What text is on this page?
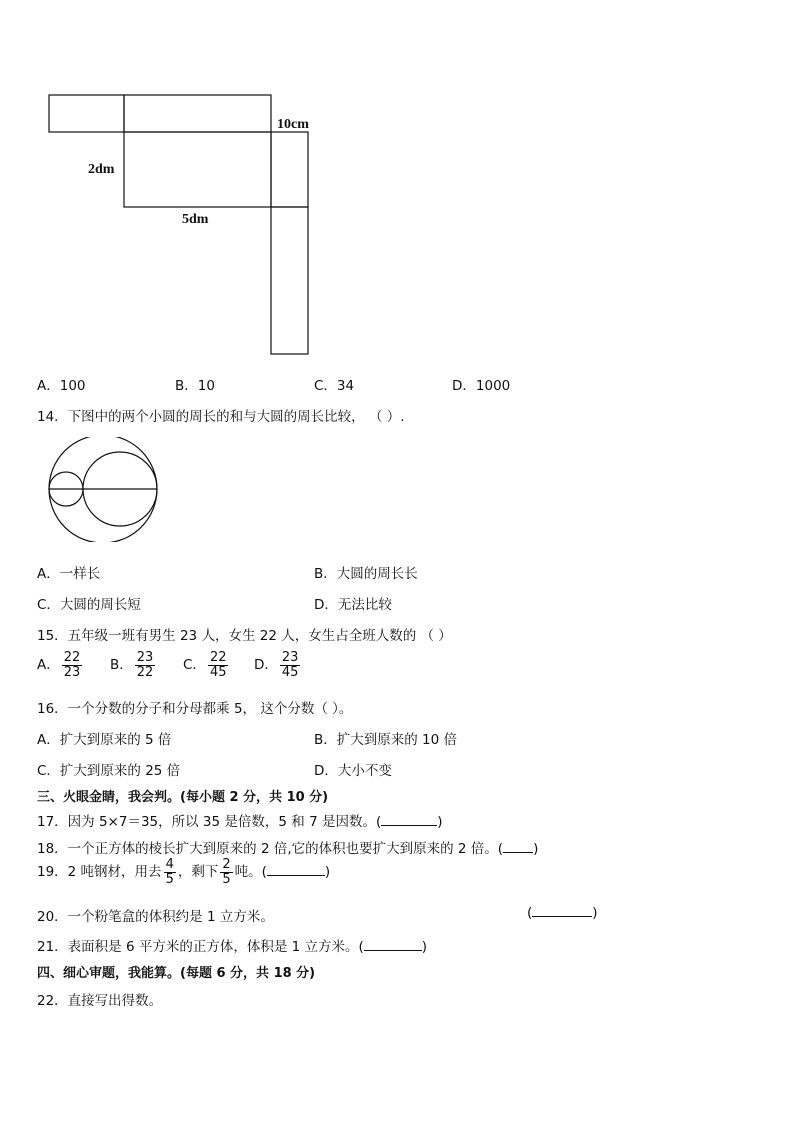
10cm
2dm
5dm
A．100	B．10	C．34	D．1000
14．下图中的两个小圆的周长的和与大圆的周长比较， （ ）.
A．一样长	B．大圆的周长长
C．大圆的周长短	D．无法比较
15．五年级一班有男生 23 人，女生 22 人，女生占全班人数的 （ ）
A． $\frac{22}{23}$ B． $\frac{23}{22}$ C． $\frac{22}{45}$ D． $\frac{23}{45}$
16．一个分数的分子和分母都乘 5， 这个分数（ ）。
A．扩大到原来的 5 倍	B．扩大到原来的 10 倍
C．扩大到原来的 25 倍	D．大小不变
三、火眼金睛，我会判。(每小题 2 分，共 10 分)
17．因为 5×7＝35，所以 35 是倍数，5 和 7 是因数。(	)
18．一个正方体的棱长扩大到原来的 2 倍,它的体积也要扩大到原来的 2 倍。( )
19．2 吨钢材，用去 $\frac{4}{5}$ ，剩下 $\frac{2}{5}$ 吨。(	)
20．一个粉笔盒的体积约是 1 立方米。	(	)
21．表面积是 6 平方米的正方体，体积是 1 立方米。(	)
四、细心审题，我能算。(每题 6 分，共 18 分)
22．直接写出得数。
